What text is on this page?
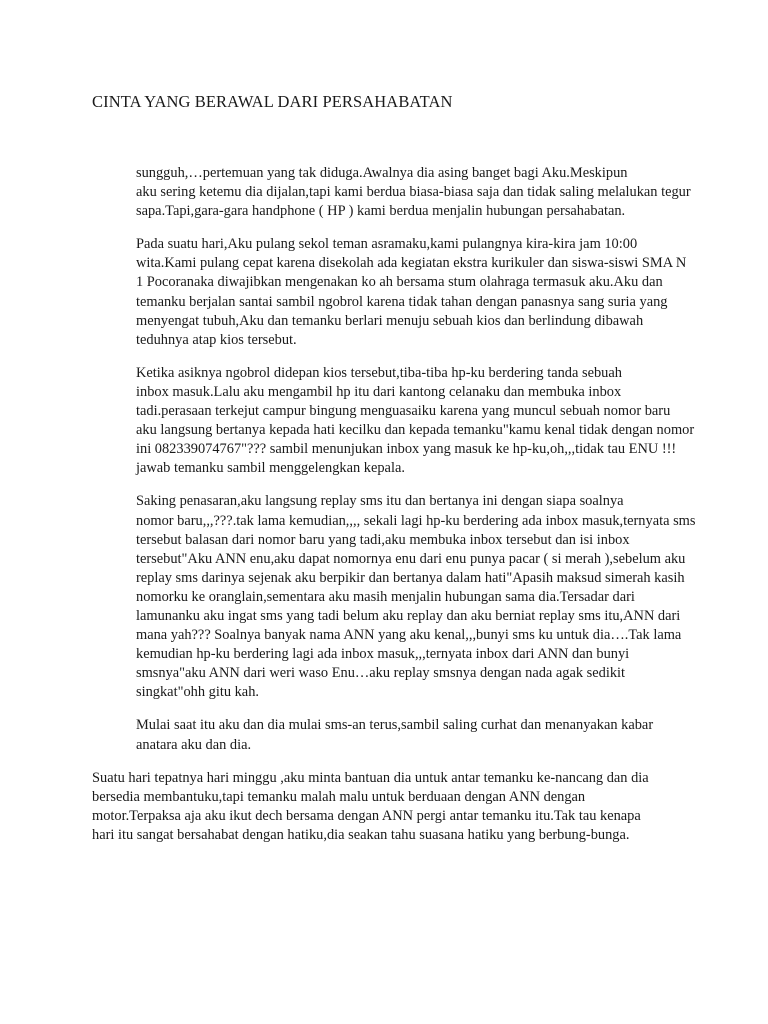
CINTA YANG BERAWAL DARI PERSAHABATAN

sungguh,…pertemuan yang tak diduga.Awalnya dia asing banget bagi Aku.Meskipun
aku sering ketemu dia dijalan,tapi kami berdua biasa-biasa saja dan tidak saling melalukan tegur
sapa.Tapi,gara-gara handphone ( HP ) kami berdua menjalin hubungan persahabatan.

Pada suatu hari,Aku pulang sekol teman asramaku,kami pulangnya kira-kira jam 10:00
wita.Kami pulang cepat karena disekolah ada kegiatan ekstra kurikuler dan siswa-siswi SMA N
1 Pocoranaka diwajibkan mengenakan ko ah bersama stum olahraga termasuk aku.Aku dan
temanku berjalan santai sambil ngobrol karena tidak tahan dengan panasnya sang suria yang
menyengat tubuh,Aku dan temanku berlari menuju sebuah kios dan berlindung dibawah
teduhnya atap kios tersebut.

Ketika asiknya ngobrol didepan kios tersebut,tiba-tiba hp-ku berdering tanda sebuah
inbox masuk.Lalu aku mengambil hp itu dari kantong celanaku dan membuka inbox
tadi.perasaan terkejut campur bingung menguasaiku karena yang muncul sebuah nomor baru
aku langsung bertanya kepada hati kecilku dan kepada temanku"kamu kenal tidak dengan nomor
ini 082339074767"??? sambil menunjukan inbox yang masuk ke hp-ku,oh,,,tidak tau ENU !!!
jawab temanku sambil menggelengkan kepala.

Saking penasaran,aku langsung replay sms itu dan bertanya ini dengan siapa soalnya
nomor baru,,,???.tak lama kemudian,,,, sekali lagi hp-ku berdering ada inbox masuk,ternyata sms
tersebut balasan dari nomor baru yang tadi,aku membuka inbox tersebut dan isi inbox
tersebut"Aku ANN enu,aku dapat nomornya enu dari enu punya pacar ( si merah ),sebelum aku
replay sms darinya sejenak aku berpikir dan bertanya dalam hati"Apasih maksud simerah kasih
nomorku ke oranglain,sementara aku masih menjalin hubungan sama dia.Tersadar dari
lamunanku aku ingat sms yang tadi belum aku replay dan aku berniat replay sms itu,ANN dari
mana yah??? Soalnya banyak nama ANN yang aku kenal,,,bunyi sms ku untuk dia….Tak lama
kemudian hp-ku berdering lagi ada inbox masuk,,,ternyata inbox dari ANN dan bunyi
smsnya"aku ANN dari weri waso Enu…aku replay smsnya dengan nada agak sedikit
singkat"ohh gitu kah.

Mulai saat itu aku dan dia mulai sms-an terus,sambil saling curhat dan menanyakan kabar
anatara aku dan dia.

Suatu hari tepatnya hari minggu ,aku minta bantuan dia untuk antar temanku ke-nancang dan dia
bersedia membantuku,tapi temanku malah malu untuk berduaan dengan ANN dengan
motor.Terpaksa aja aku ikut dech bersama dengan ANN pergi antar temanku itu.Tak tau kenapa
hari itu sangat bersahabat dengan hatiku,dia seakan tahu suasana hatiku yang berbung-bunga.
